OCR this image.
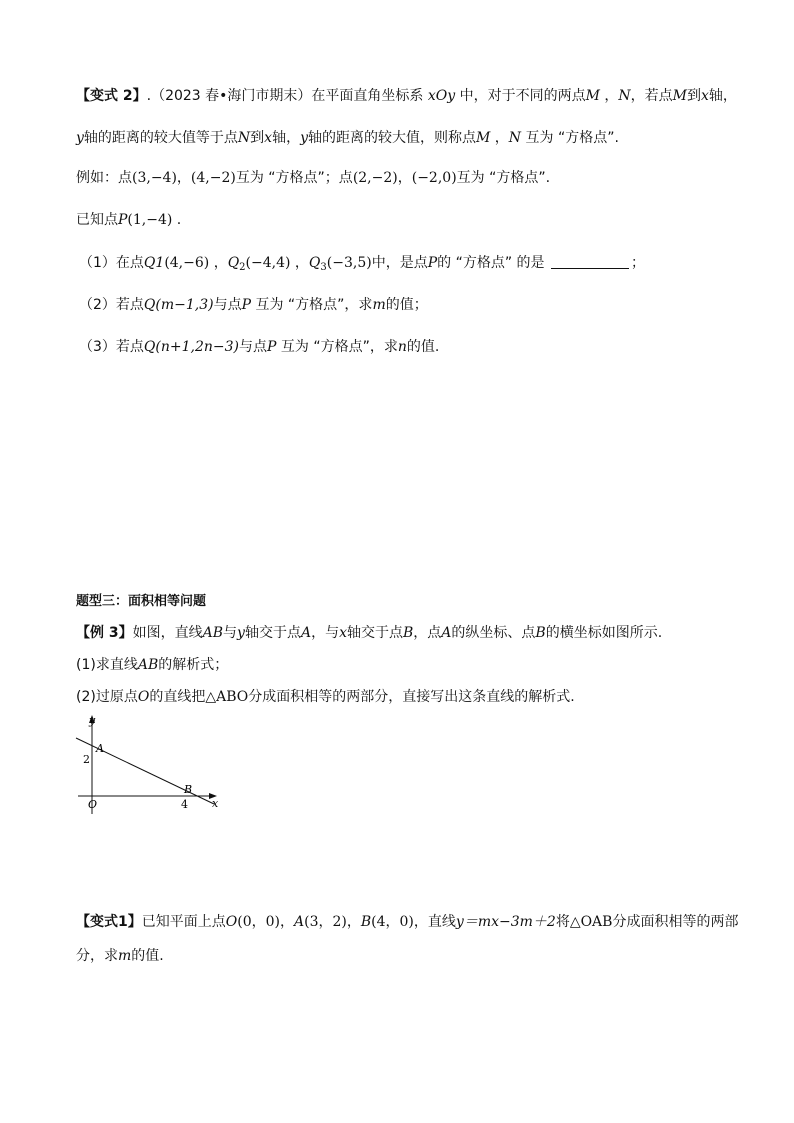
【变式 2】.（2023 春•海门市期末）在平面直角坐标系 xOy 中，对于不同的两点M ，N，若点M到x轴，
y轴的距离的较大值等于点N到x轴，y轴的距离的较大值，则称点M ，N 互为 “方格点”.
例如：点(3,−4)，(4,−2)互为 “方格点”；点(2,−2)，(−2,0)互为 “方格点”.
已知点P(1,−4) .
（1）在点Q1(4,−6) ，$Q_2(-4,4)$ ，$Q_3(-3,5)$中，是点P的 “方格点” 的是	；
（2）若点Q(m−1,3)与点P 互为 “方格点”，求m的值；
（3）若点Q(n+1,2n−3)与点P 互为 “方格点”，求n的值.
题型三：面积相等问题
【例 3】如图，直线AB与y轴交于点A，与x轴交于点B，点A的纵坐标、点B的横坐标如图所示.
(1)求直线AB的解析式；
(2)过原点O的直线把△ABO分成面积相等的两部分，直接写出这条直线的解析式.
y
x
A
B
O
2
4
【变式1】已知平面上点O(0，0)，A(3，2)，B(4，0)，直线y＝mx−3m＋2将△OAB分成面积相等的两部
分，求m的值.
